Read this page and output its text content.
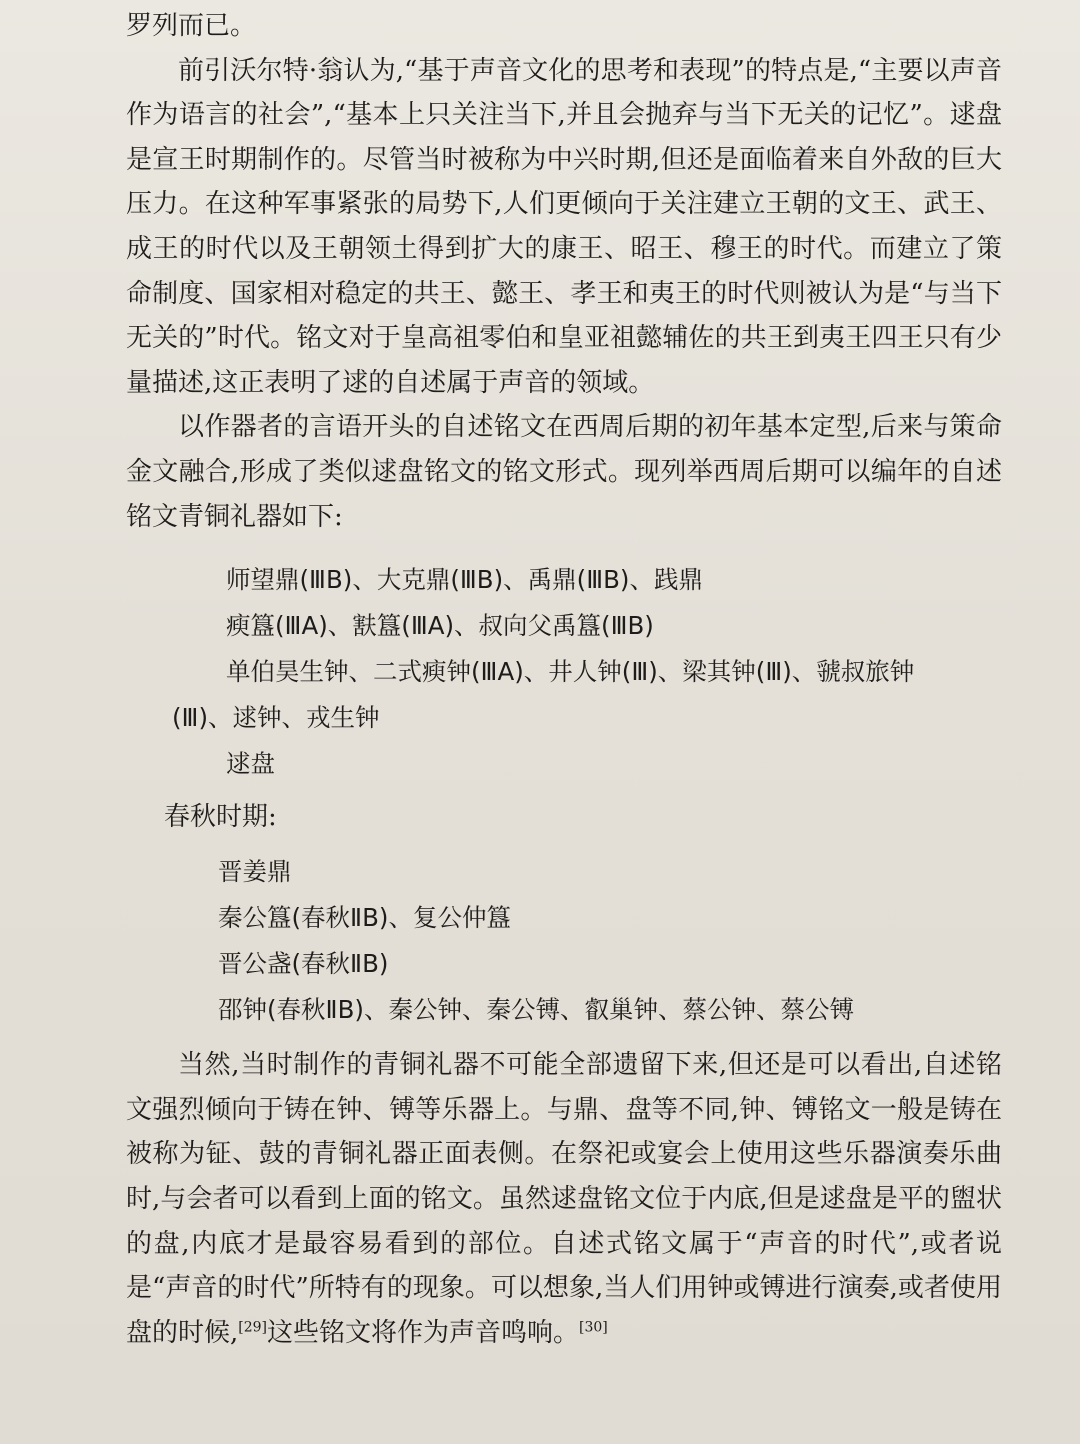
罗列而已。

前引沃尔特·翁认为,“基于声音文化的思考和表现”的特点是,“主要以声音作为语言的社会”,“基本上只关注当下,并且会抛弃与当下无关的记忆”。逑盘是宣王时期制作的。尽管当时被称为中兴时期,但还是面临着来自外敌的巨大压力。在这种军事紧张的局势下,人们更倾向于关注建立王朝的文王、武王、成王的时代以及王朝领土得到扩大的康王、昭王、穆王的时代。而建立了策命制度、国家相对稳定的共王、懿王、孝王和夷王的时代则被认为是“与当下无关的”时代。铭文对于皇高祖零伯和皇亚祖懿辅佐的共王到夷王四王只有少量描述,这正表明了逑的自述属于声音的领域。

以作器者的言语开头的自述铭文在西周后期的初年基本定型,后来与策命金文融合,形成了类似逑盘铭文的铭文形式。现列举西周后期可以编年的自述铭文青铜礼器如下:

师望鼎(ⅢB)、大克鼎(ⅢB)、禹鼎(ⅢB)、践鼎

瘐簋(ⅢA)、㝬簋(ⅢA)、叔向父禹簋(ⅢB)

单伯昊生钟、二式瘐钟(ⅢA)、井人钟(Ⅲ)、梁其钟(Ⅲ)、虢叔旅钟

(Ⅲ)、逑钟、戎生钟

逑盘

春秋时期:

晋姜鼎

秦公簋(春秋ⅡB)、复公仲簋

晋公盏(春秋ⅡB)

邵钟(春秋ⅡB)、秦公钟、秦公镈、叡巢钟、蔡公钟、蔡公镈

当然,当时制作的青铜礼器不可能全部遗留下来,但还是可以看出,自述铭文强烈倾向于铸在钟、镈等乐器上。与鼎、盘等不同,钟、镈铭文一般是铸在被称为钲、鼓的青铜礼器正面表侧。在祭祀或宴会上使用这些乐器演奏乐曲时,与会者可以看到上面的铭文。虽然逑盘铭文位于内底,但是逑盘是平的盥状的盘,内底才是最容易看到的部位。自述式铭文属于“声音的时代”,或者说是“声音的时代”所特有的现象。可以想象,当人们用钟或镈进行演奏,或者使用盘的时候,[29]这些铭文将作为声音鸣响。[30]
